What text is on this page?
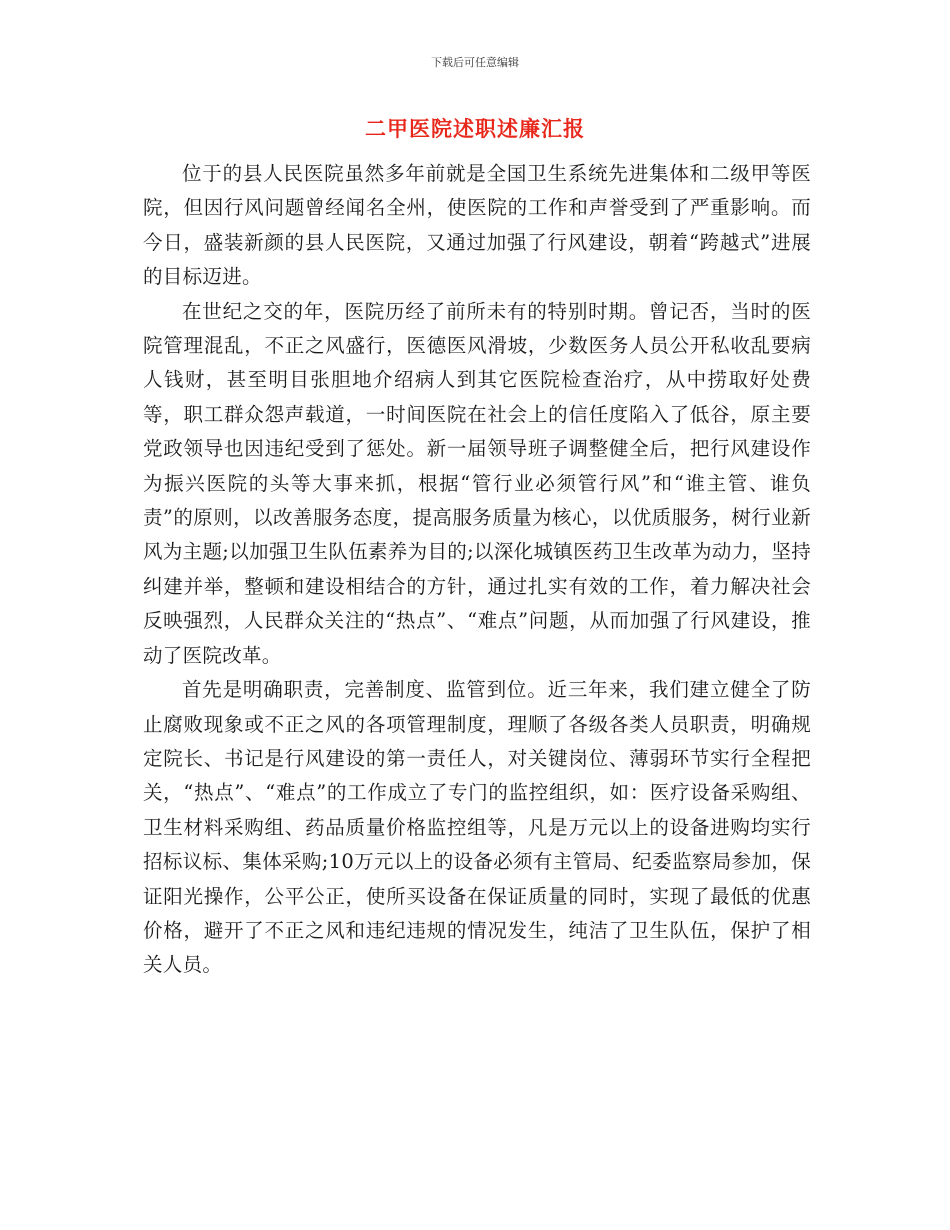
下载后可任意编辑
二甲医院述职述廉汇报

位于的县人民医院虽然多年前就是全国卫生系统先进集体和二级甲等医院，但因行风问题曾经闻名全州，使医院的工作和声誉受到了严重影响。而今日，盛装新颜的县人民医院，又通过加强了行风建设，朝着“跨越式”进展的目标迈进。

在世纪之交的年，医院历经了前所未有的特别时期。曾记否，当时的医院管理混乱，不正之风盛行，医德医风滑坡，少数医务人员公开私收乱要病人钱财，甚至明目张胆地介绍病人到其它医院检查治疗，从中捞取好处费等，职工群众怨声载道，一时间医院在社会上的信任度陷入了低谷，原主要党政领导也因违纪受到了惩处。新一届领导班子调整健全后，把行风建设作为振兴医院的头等大事来抓，根据“管行业必须管行风”和“谁主管、谁负责”的原则，以改善服务态度，提高服务质量为核心，以优质服务，树行业新风为主题;以加强卫生队伍素养为目的;以深化城镇医药卫生改革为动力，坚持纠建并举，整顿和建设相结合的方针，通过扎实有效的工作，着力解决社会反映强烈，人民群众关注的“热点”、“难点”问题，从而加强了行风建设，推动了医院改革。

首先是明确职责，完善制度、监管到位。近三年来，我们建立健全了防止腐败现象或不正之风的各项管理制度，理顺了各级各类人员职责，明确规定院长、书记是行风建设的第一责任人，对关键岗位、薄弱环节实行全程把关，“热点”、“难点”的工作成立了专门的监控组织，如：医疗设备采购组、卫生材料采购组、药品质量价格监控组等，凡是万元以上的设备进购均实行招标议标、集体采购;10万元以上的设备必须有主管局、纪委监察局参加，保证阳光操作，公平公正，使所买设备在保证质量的同时，实现了最低的优惠价格，避开了不正之风和违纪违规的情况发生，纯洁了卫生队伍，保护了相关人员。
